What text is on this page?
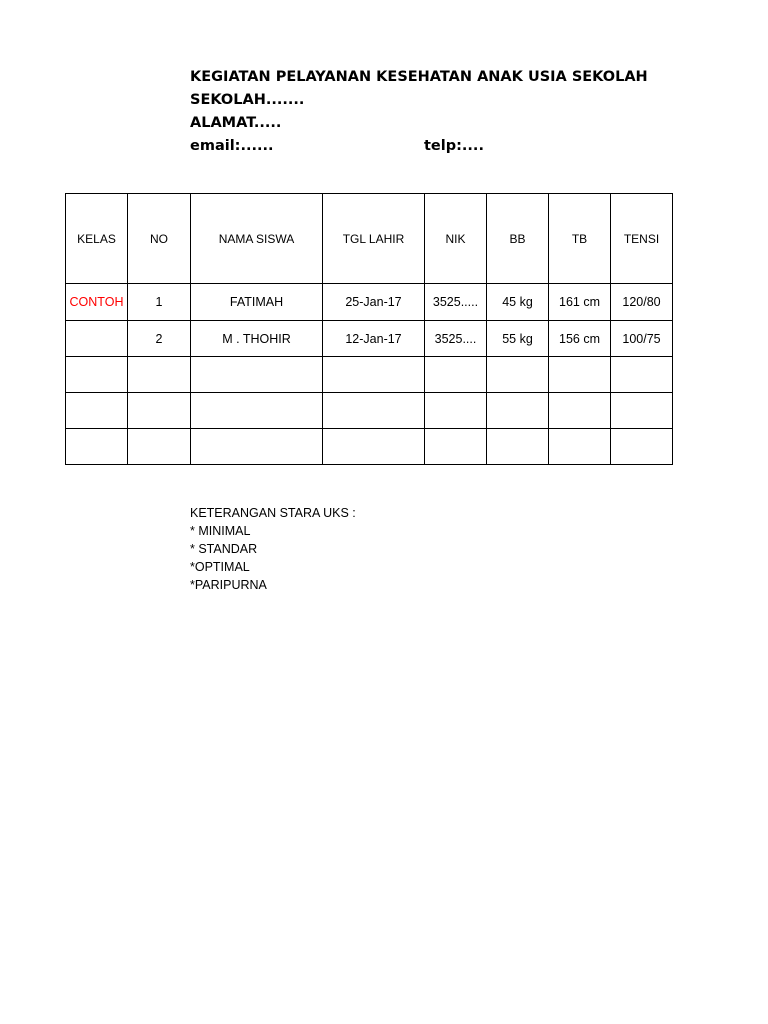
KEGIATAN PELAYANAN KESEHATAN ANAK USIA SEKOLAH
SEKOLAH.......
ALAMAT.....
email:......	telp:....
KELAS	NO	NAMA SISWA	TGL LAHIR	NIK	BB	TB	TENSI
CONTOH	1	FATIMAH	25-Jan-17	3525.....	45 kg	161 cm	120/80
	2	M . THOHIR	12-Jan-17	3525....	55 kg	156 cm	100/75

KETERANGAN STARA UKS :
* MINIMAL
* STANDAR
*OPTIMAL
*PARIPURNA
